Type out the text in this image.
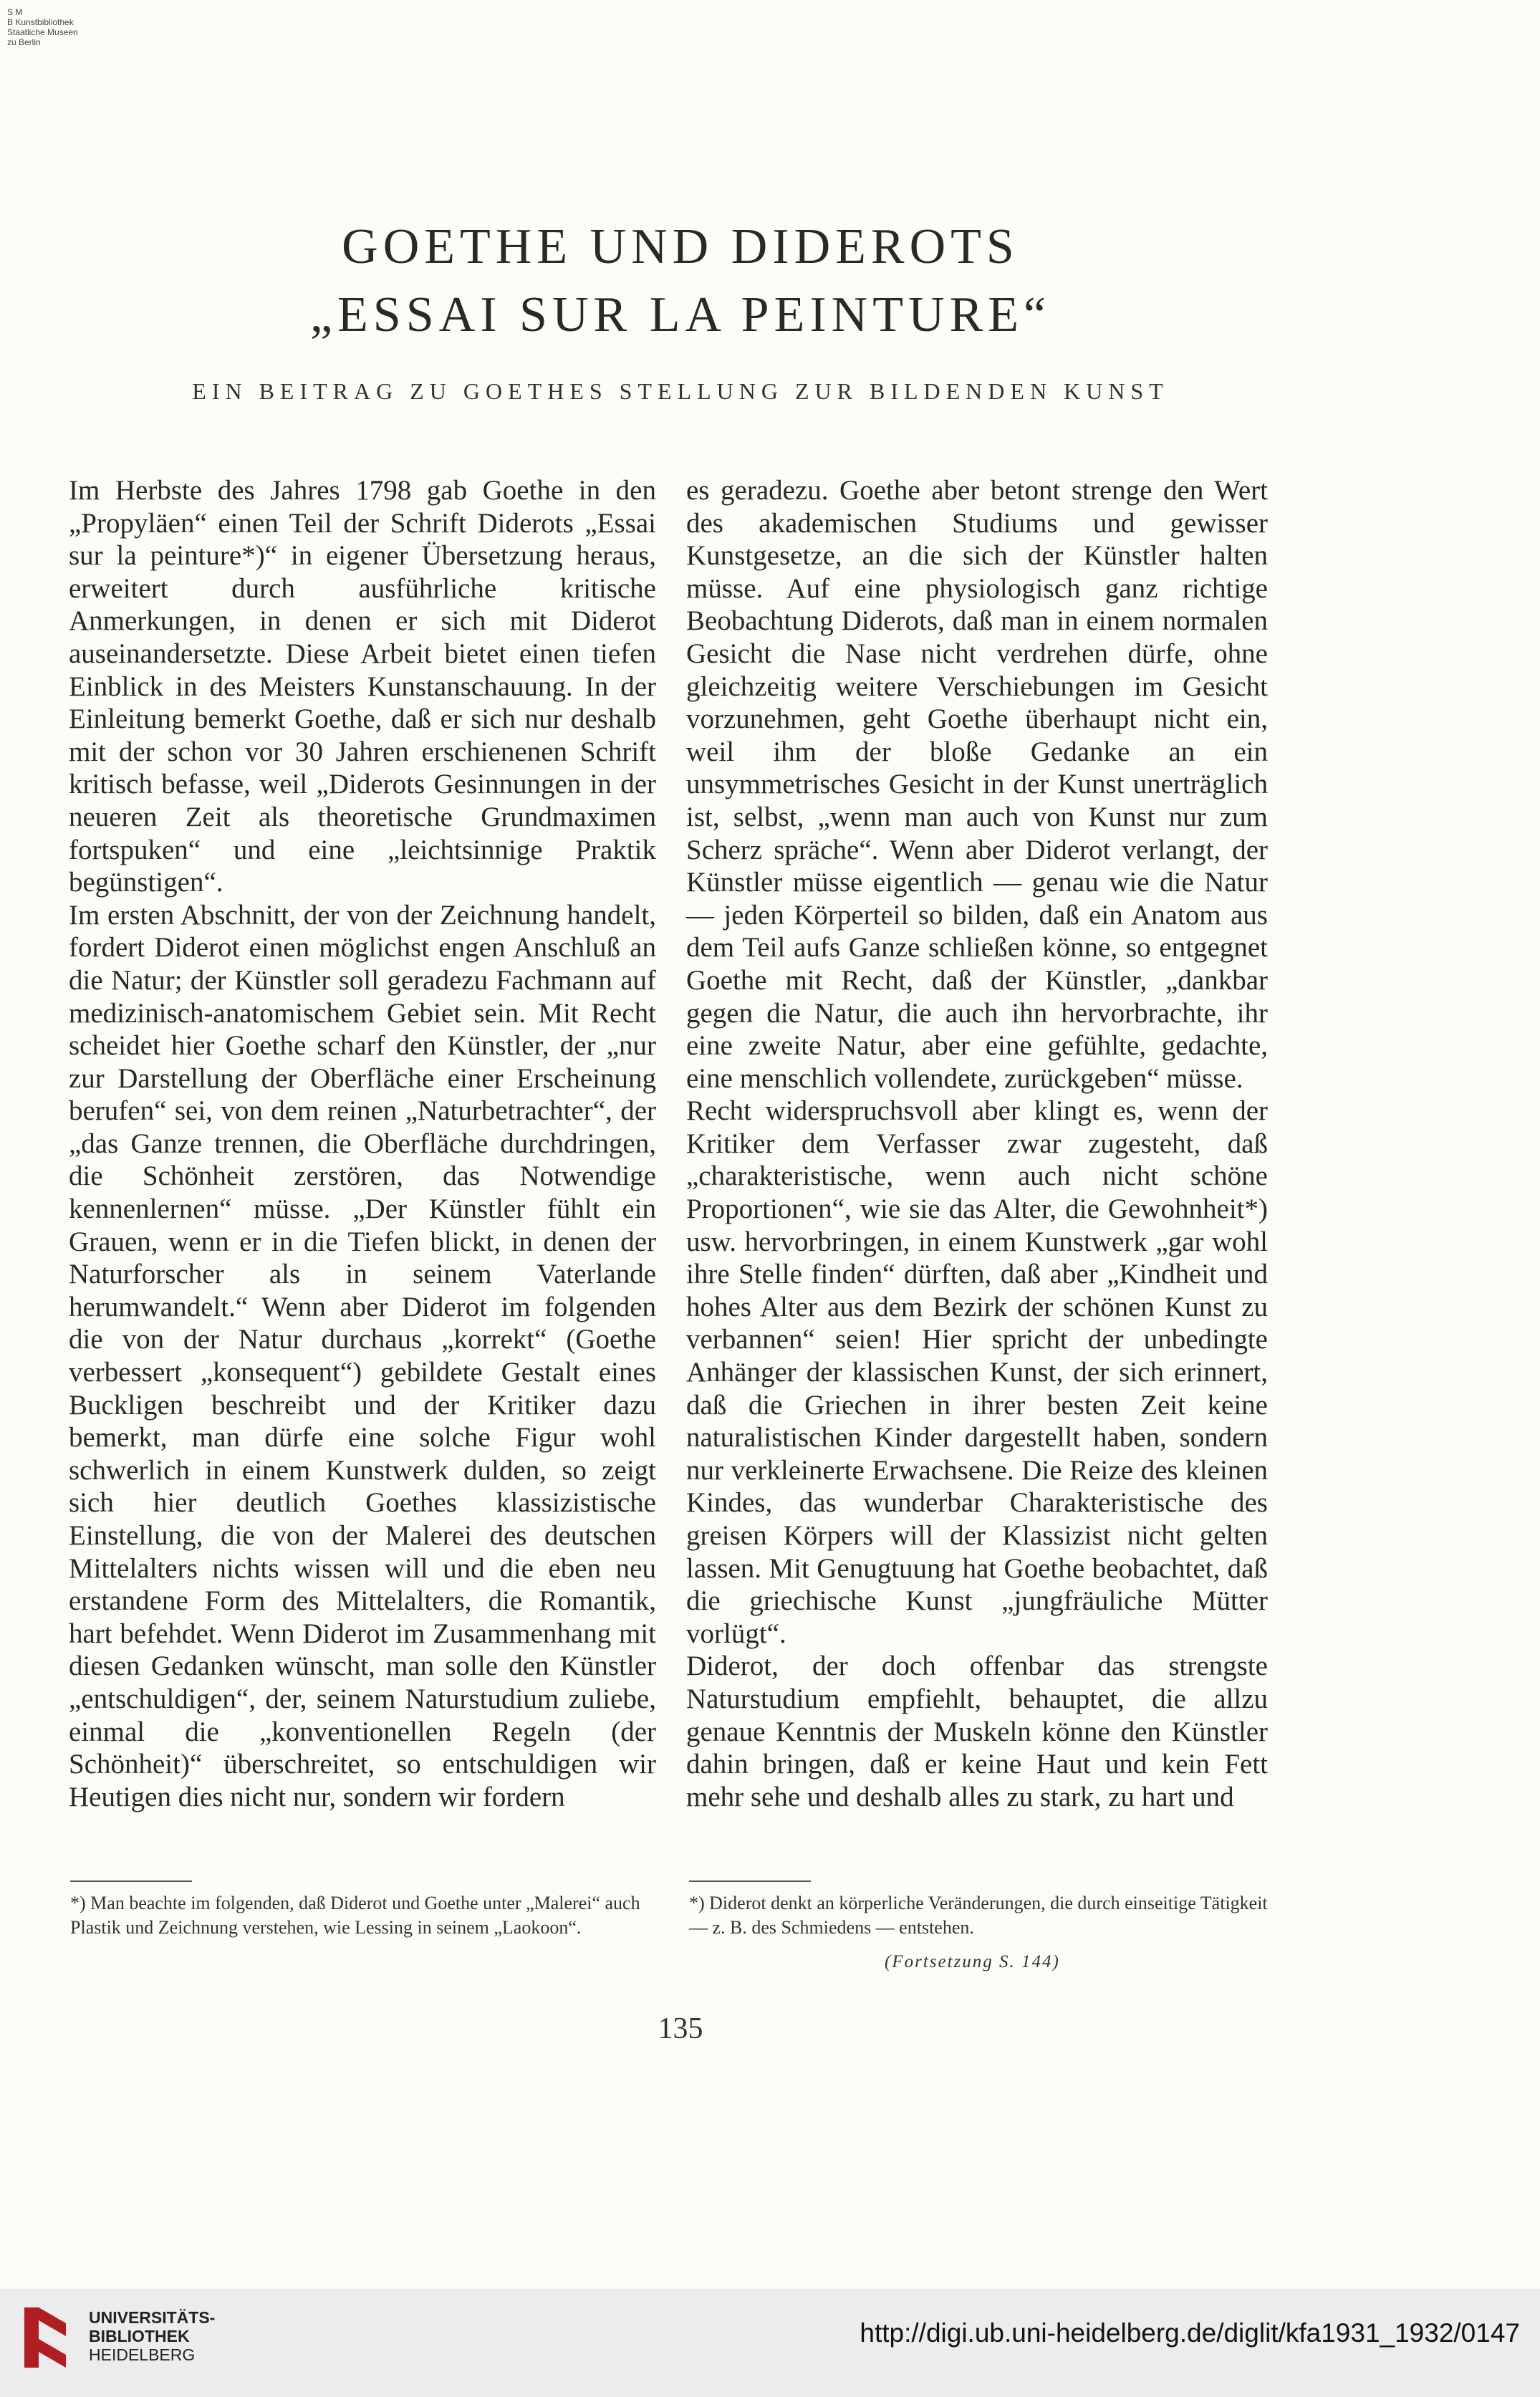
S M
B Kunstbibliothek
Staatliche Museen
zu Berlin
GOETHE UND DIDEROTS
„ESSAI SUR LA PEINTURE“
EIN BEITRAG ZU GOETHES STELLUNG ZUR BILDENDEN KUNST

Im Herbste des Jahres 1798 gab Goethe in den „Propyläen“ einen Teil der Schrift Diderots „Essai sur la peinture*)“ in eigener Übersetzung heraus, erweitert durch ausführliche kritische Anmerkungen, in denen er sich mit Diderot auseinandersetzte. Diese Arbeit bietet einen tiefen Einblick in des Meisters Kunstanschauung. In der Einleitung bemerkt Goethe, daß er sich nur deshalb mit der schon vor 30 Jahren erschienenen Schrift kritisch befasse, weil „Diderots Gesinnungen in der neueren Zeit als theoretische Grundmaximen fortspuken“ und eine „leichtsinnige Praktik begünstigen“.

Im ersten Abschnitt, der von der Zeichnung handelt, fordert Diderot einen möglichst engen Anschluß an die Natur; der Künstler soll geradezu Fachmann auf medizinisch-anatomischem Gebiet sein. Mit Recht scheidet hier Goethe scharf den Künstler, der „nur zur Darstellung der Oberfläche einer Erscheinung berufen“ sei, von dem reinen „Naturbetrachter“, der „das Ganze trennen, die Oberfläche durchdringen, die Schönheit zerstören, das Notwendige kennenlernen“ müsse. „Der Künstler fühlt ein Grauen, wenn er in die Tiefen blickt, in denen der Naturforscher als in seinem Vaterlande herumwandelt.“ Wenn aber Diderot im folgenden die von der Natur durchaus „korrekt“ (Goethe verbessert „konsequent“) gebildete Gestalt eines Buckligen beschreibt und der Kritiker dazu bemerkt, man dürfe eine solche Figur wohl schwerlich in einem Kunstwerk dulden, so zeigt sich hier deutlich Goethes klassizistische Einstellung, die von der Malerei des deutschen Mittelalters nichts wissen will und die eben neu erstandene Form des Mittelalters, die Romantik, hart befehdet. Wenn Diderot im Zusammenhang mit diesen Gedanken wünscht, man solle den Künstler „entschuldigen“, der, seinem Naturstudium zuliebe, einmal die „konventionellen Regeln (der Schönheit)“ überschreitet, so entschuldigen wir Heutigen dies nicht nur, sondern wir fordern

es geradezu. Goethe aber betont strenge den Wert des akademischen Studiums und gewisser Kunstgesetze, an die sich der Künstler halten müsse. Auf eine physiologisch ganz richtige Beobachtung Diderots, daß man in einem normalen Gesicht die Nase nicht verdrehen dürfe, ohne gleichzeitig weitere Verschiebungen im Gesicht vorzunehmen, geht Goethe überhaupt nicht ein, weil ihm der bloße Gedanke an ein unsymmetrisches Gesicht in der Kunst unerträglich ist, selbst, „wenn man auch von Kunst nur zum Scherz spräche“. Wenn aber Diderot verlangt, der Künstler müsse eigentlich — genau wie die Natur — jeden Körperteil so bilden, daß ein Anatom aus dem Teil aufs Ganze schließen könne, so entgegnet Goethe mit Recht, daß der Künstler, „dankbar gegen die Natur, die auch ihn hervorbrachte, ihr eine zweite Natur, aber eine gefühlte, gedachte, eine menschlich vollendete, zurückgeben“ müsse.

Recht widerspruchsvoll aber klingt es, wenn der Kritiker dem Verfasser zwar zugesteht, daß „charakteristische, wenn auch nicht schöne Proportionen“, wie sie das Alter, die Gewohnheit*) usw. hervorbringen, in einem Kunstwerk „gar wohl ihre Stelle finden“ dürften, daß aber „Kindheit und hohes Alter aus dem Bezirk der schönen Kunst zu verbannen“ seien! Hier spricht der unbedingte Anhänger der klassischen Kunst, der sich erinnert, daß die Griechen in ihrer besten Zeit keine naturalistischen Kinder dargestellt haben, sondern nur verkleinerte Erwachsene. Die Reize des kleinen Kindes, das wunderbar Charakteristische des greisen Körpers will der Klassizist nicht gelten lassen. Mit Genugtuung hat Goethe beobachtet, daß die griechische Kunst „jungfräuliche Mütter vorlügt“.

Diderot, der doch offenbar das strengste Naturstudium empfiehlt, behauptet, die allzu genaue Kenntnis der Muskeln könne den Künstler dahin bringen, daß er keine Haut und kein Fett mehr sehe und deshalb alles zu stark, zu hart und

*) Man beachte im folgenden, daß Diderot und Goethe unter „Malerei“ auch Plastik und Zeichnung verstehen, wie Lessing in seinem „Laokoon“.
*) Diderot denkt an körperliche Veränderungen, die durch einseitige Tätigkeit — z. B. des Schmiedens — entstehen.
(Fortsetzung S. 144)
135
UNIVERSITÄTS-
BIBLIOTHEK
HEIDELBERG
http://digi.ub.uni-heidelberg.de/diglit/kfa1931_1932/0147
